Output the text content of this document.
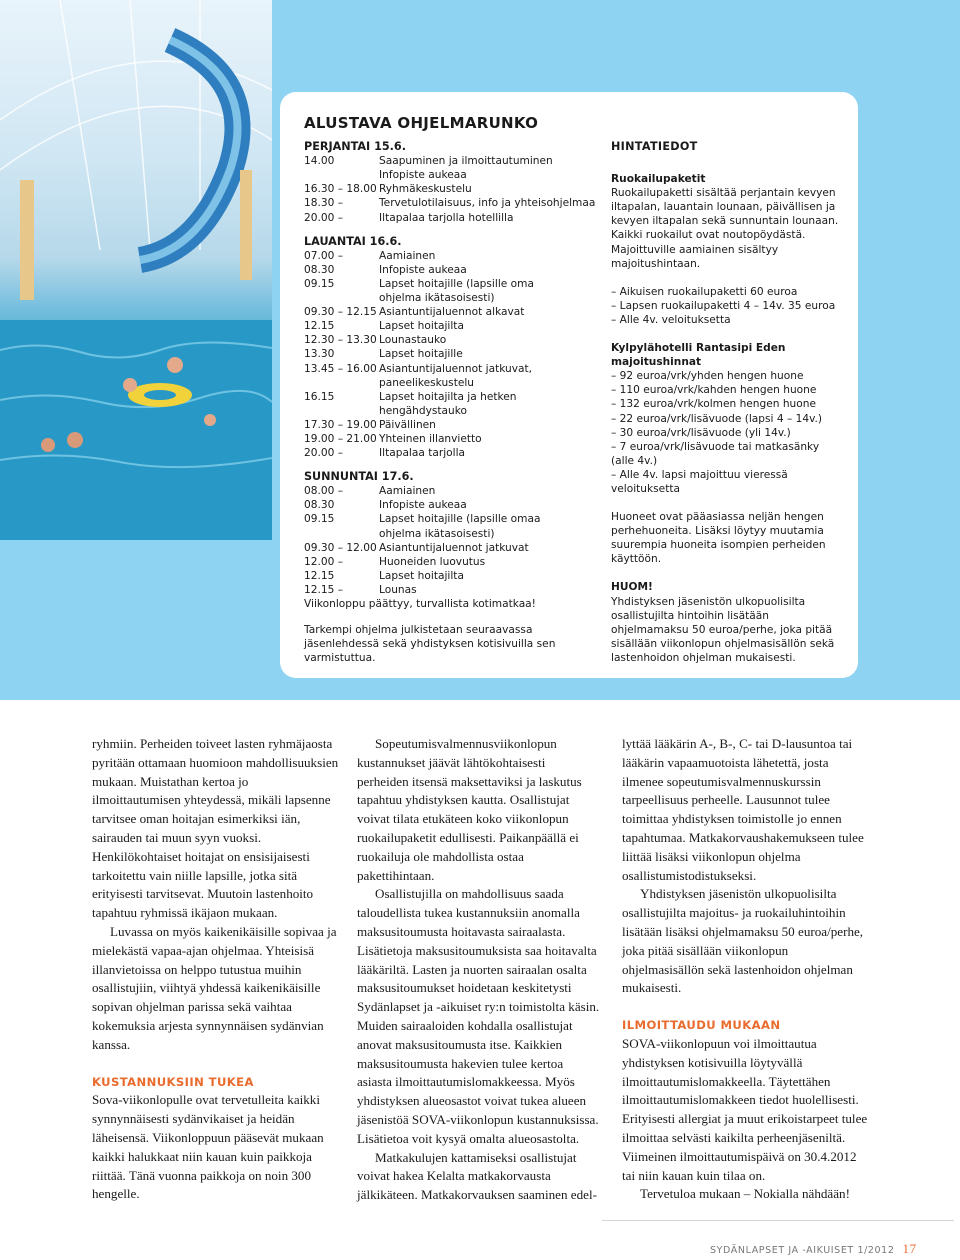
ALUSTAVA OHJELMARUNKO
PERJANTAI 15.6.
14.00	Saapuminen ja ilmoittautuminen
Infopiste aukeaa
16.30 – 18.00 Ryhmäkeskustelu
18.30 –	Tervetulotilaisuus, info ja yhteisohjelmaa
20.00 –	Iltapalaa tarjolla hotellilla
LAUANTAI 16.6.
07.00 –	Aamiainen
08.30	Infopiste aukeaa
09.15	Lapset hoitajille (lapsille oma
ohjelma ikätasoisesti)
09.30 – 12.15 Asiantuntijaluennot alkavat
12.15	Lapset hoitajilta
12.30 – 13.30 Lounastauko
13.30	Lapset hoitajille
13.45 – 16.00 Asiantuntijaluennot jatkuvat,
paneelikeskustelu
16.15	Lapset hoitajilta ja hetken
hengähdystauko
17.30 – 19.00 Päivällinen
19.00 – 21.00 Yhteinen illanvietto
20.00 –	Iltapalaa tarjolla
SUNNUNTAI 17.6.
08.00 –	Aamiainen
08.30	Infopiste aukeaa
09.15	Lapset hoitajille (lapsille omaa
ohjelma ikätasoisesti)
09.30 – 12.00 Asiantuntijaluennot jatkuvat
12.00 –	Huoneiden luovutus
12.15	Lapset hoitajilta
12.15 –	Lounas
Viikonloppu päättyy, turvallista kotimatkaa!
Tarkempi ohjelma julkistetaan seuraavassa jäsenlehdessä sekä yhdistyksen kotisivuilla sen varmistuttua.
HINTATIEDOT

Ruokailupaketit

Ruokailupaketti sisältää perjantain kevyen iltapalan, lauantain lounaan, päivällisen ja kevyen iltapalan sekä sunnuntain lounaan. Kaikki ruokailut ovat noutopöydästä. Majoittuville aamiainen sisältyy majoitushintaan.

– Aikuisen ruokailupaketti 60 euroa

– Lapsen ruokailupaketti 4 – 14v. 35 euroa

– Alle 4v. veloituksetta

Kylpylähotelli Rantasipi Eden majoitushinnat

– 92 euroa/vrk/yhden hengen huone

– 110 euroa/vrk/kahden hengen huone

– 132 euroa/vrk/kolmen hengen huone

– 22 euroa/vrk/lisävuode (lapsi 4 – 14v.)

– 30 euroa/vrk/lisävuode (yli 14v.)

– 7 euroa/vrk/lisävuode tai matkasänky (alle 4v.)

– Alle 4v. lapsi majoittuu vieressä veloituksetta

Huoneet ovat pääasiassa neljän hengen perhehuoneita. Lisäksi löytyy muutamia suurempia huoneita isompien perheiden käyttöön.

HUOM!

Yhdistyksen jäsenistön ulkopuolisilta osallistujilta hintoihin lisätään ohjelmamaksu 50 euroa/perhe, joka pitää sisällään viikonlopun ohjelmasisällön sekä lastenhoidon ohjelman mukaisesti.

ryhmiin. Perheiden toiveet lasten ryhmäjaosta pyritään ottamaan huomioon mahdollisuuksien mukaan. Muistathan kertoa jo ilmoittautumisen yhteydessä, mikäli lapsenne tarvitsee oman hoitajan esimerkiksi iän, sairauden tai muun syyn vuoksi. Henkilökohtaiset hoitajat on ensisijaisesti tarkoitettu vain niille lapsille, jotka sitä erityisesti tarvitsevat. Muutoin lastenhoito tapahtuu ryhmissä ikäjaon mukaan.

Luvassa on myös kaikenikäisille sopivaa ja mielekästä vapaa-ajan ohjelmaa. Yhteisisä illanvietoissa on helppo tutustua muihin osallistujiin, viihtyä yhdessä kaikenikäisille sopivan ohjelman parissa sekä vaihtaa kokemuksia arjesta synnynnäisen sydänvian kanssa.

KUSTANNUKSIIN TUKEA

Sova-viikonlopulle ovat tervetulleita kaikki synnynnäisesti sydänvikaiset ja heidän läheisensä. Viikonloppuun pääsevät mukaan kaikki halukkaat niin kauan kuin paikkoja riittää. Tänä vuonna paikkoja on noin 300 hengelle.

Sopeutumisvalmennusviikonlopun kustannukset jäävät lähtökohtaisesti perheiden itsensä maksettaviksi ja laskutus tapahtuu yhdistyksen kautta. Osallistujat voivat tilata etukäteen koko viikonlopun ruokailupaketit edullisesti. Paikanpäällä ei ruokailuja ole mahdollista ostaa pakettihintaan.

Osallistujilla on mahdollisuus saada taloudellista tukea kustannuksiin anomalla maksusitoumusta hoitavasta sairaalasta. Lisätietoja maksusitoumuksista saa hoitavalta lääkäriltä. Lasten ja nuorten sairaalan osalta maksusitoumukset hoidetaan keskitetysti Sydänlapset ja -aikuiset ry:n toimistolta käsin. Muiden sairaaloiden kohdalla osallistujat anovat maksusitoumusta itse. Kaikkien maksusitoumusta hakevien tulee kertoa asiasta ilmoittautumislomakkeessa. Myös yhdistyksen alueosastot voivat tukea alueen jäsenistöä SOVA-viikonlopun kustannuksissa. Lisätietoa voit kysyä omalta alueosastolta.

Matkakulujen kattamiseksi osallistujat voivat hakea Kelalta matkakorvausta jälkikäteen. Matkakorvauksen saaminen edel-

lyttää lääkärin A-, B-, C- tai D-lausuntoa tai lääkärin vapaamuotoista lähetettä, josta ilmenee sopeutumisvalmennuskurssin tarpeellisuus perheelle. Lausunnot tulee toimittaa yhdistyksen toimistolle jo ennen tapahtumaa. Matkakorvaushakemukseen tulee liittää lisäksi viikonlopun ohjelma osallistumistodistukseksi.

Yhdistyksen jäsenistön ulkopuolisilta osallistujilta majoitus- ja ruokailuhintoihin lisätään lisäksi ohjelmamaksu 50 euroa/perhe, joka pitää sisällään viikonlopun ohjelmasisällön sekä lastenhoidon ohjelman mukaisesti.

ILMOITTAUDU MUKAAN

SOVA-viikonlopuun voi ilmoittautua yhdistyksen kotisivuilla löytyvällä ilmoittautumislomakkeella. Täytettähen ilmoittautumislomakkeen tiedot huolellisesti. Erityisesti allergiat ja muut erikoistarpeet tulee ilmoittaa selvästi kaikilta perheenjäseniltä. Viimeinen ilmoittautumispäivä on 30.4.2012 tai niin kauan kuin tilaa on.

Tervetuloa mukaan – Nokialla nähdään!

SYDÄNLAPSET JA -AIKUISET 1/2012 17
